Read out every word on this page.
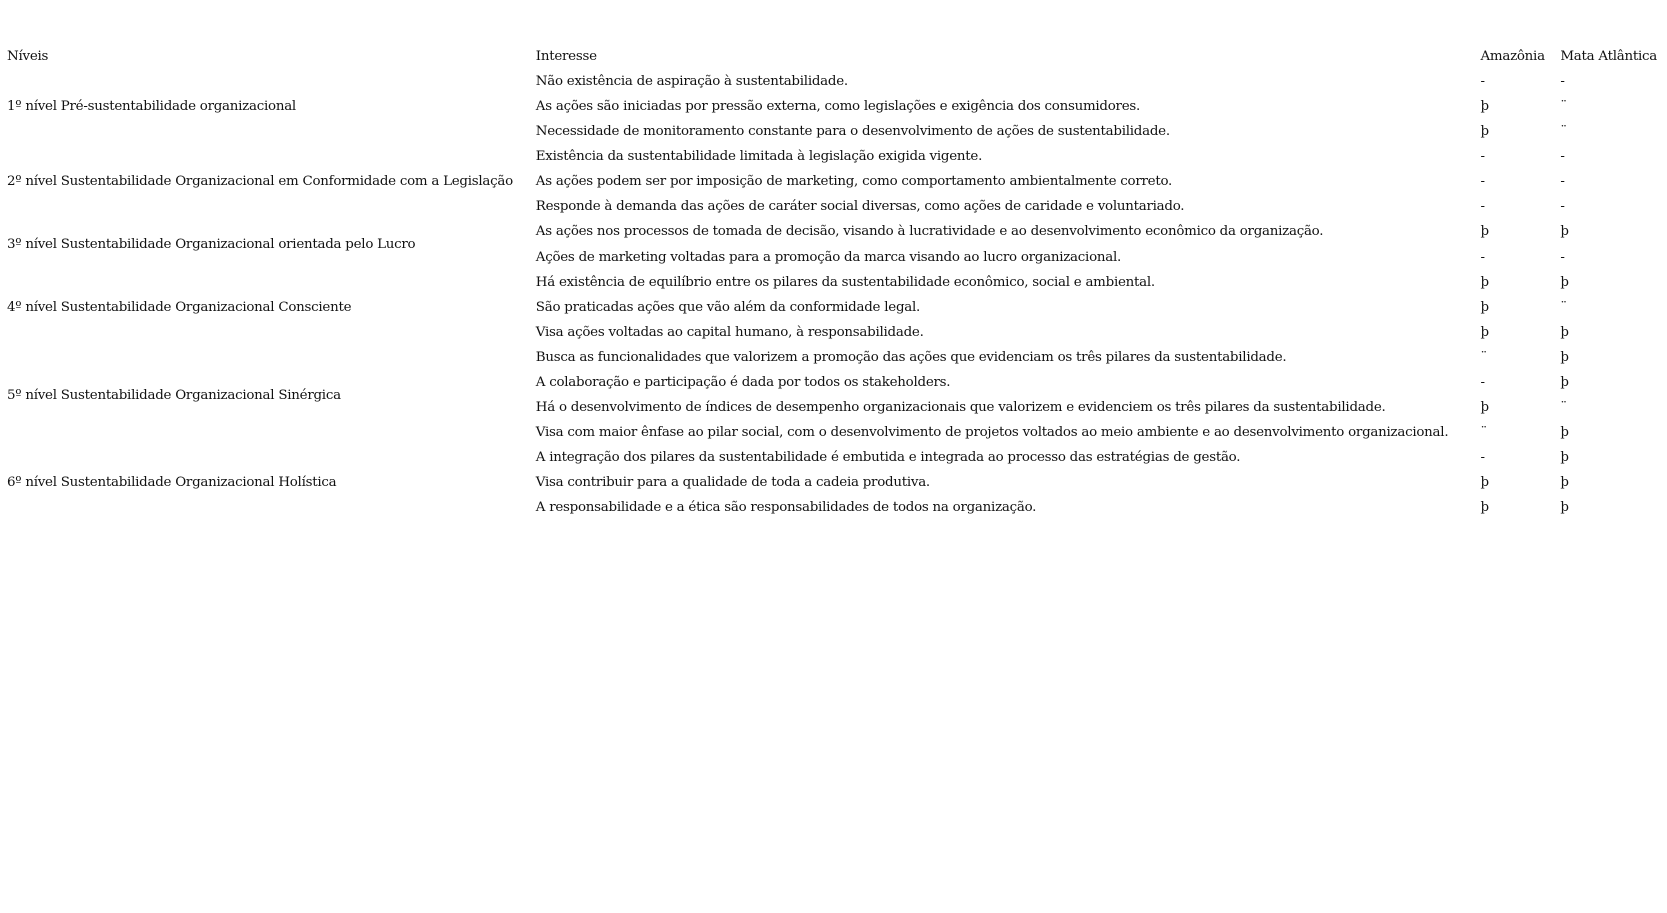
Níveis	Interesse	Amazônia	Mata Atlântica
1º nível Pré-sustentabilidade organizacional	Não existência de aspiração à sustentabilidade.	-	-
	As ações são iniciadas por pressão externa, como legislações e exigência dos consumidores.	þ	¨
	Necessidade de monitoramento constante para o desenvolvimento de ações de sustentabilidade.	þ	¨
2º nível Sustentabilidade Organizacional em Conformidade com a Legislação	Existência da sustentabilidade limitada à legislação exigida vigente.	-	-
	As ações podem ser por imposição de marketing, como comportamento ambientalmente correto.	-	-
	Responde à demanda das ações de caráter social diversas, como ações de caridade e voluntariado.	-	-
3º nível Sustentabilidade Organizacional orientada pelo Lucro	As ações nos processos de tomada de decisão, visando à lucratividade e ao desenvolvimento econômico da organização.	þ	þ
	Ações de marketing voltadas para a promoção da marca visando ao lucro organizacional.	-	-
4º nível Sustentabilidade Organizacional Consciente	Há existência de equilíbrio entre os pilares da sustentabilidade econômico, social e ambiental.	þ	þ
	São praticadas ações que vão além da conformidade legal.	þ	¨
	Visa ações voltadas ao capital humano, à responsabilidade.	þ	þ
5º nível Sustentabilidade Organizacional Sinérgica	Busca as funcionalidades que valorizem a promoção das ações que evidenciam os três pilares da sustentabilidade.	¨	þ
	A colaboração e participação é dada por todos os stakeholders.	-	þ
	Há o desenvolvimento de índices de desempenho organizacionais que valorizem e evidenciem os três pilares da sustentabilidade.	þ	¨
	Visa com maior ênfase ao pilar social, com o desenvolvimento de projetos voltados ao meio ambiente e ao desenvolvimento organizacional.	¨	þ
6º nível Sustentabilidade Organizacional Holística	A integração dos pilares da sustentabilidade é embutida e integrada ao processo das estratégias de gestão.	-	þ
	Visa contribuir para a qualidade de toda a cadeia produtiva.	þ	þ
	A responsabilidade e a ética são responsabilidades de todos na organização.	þ	þ
